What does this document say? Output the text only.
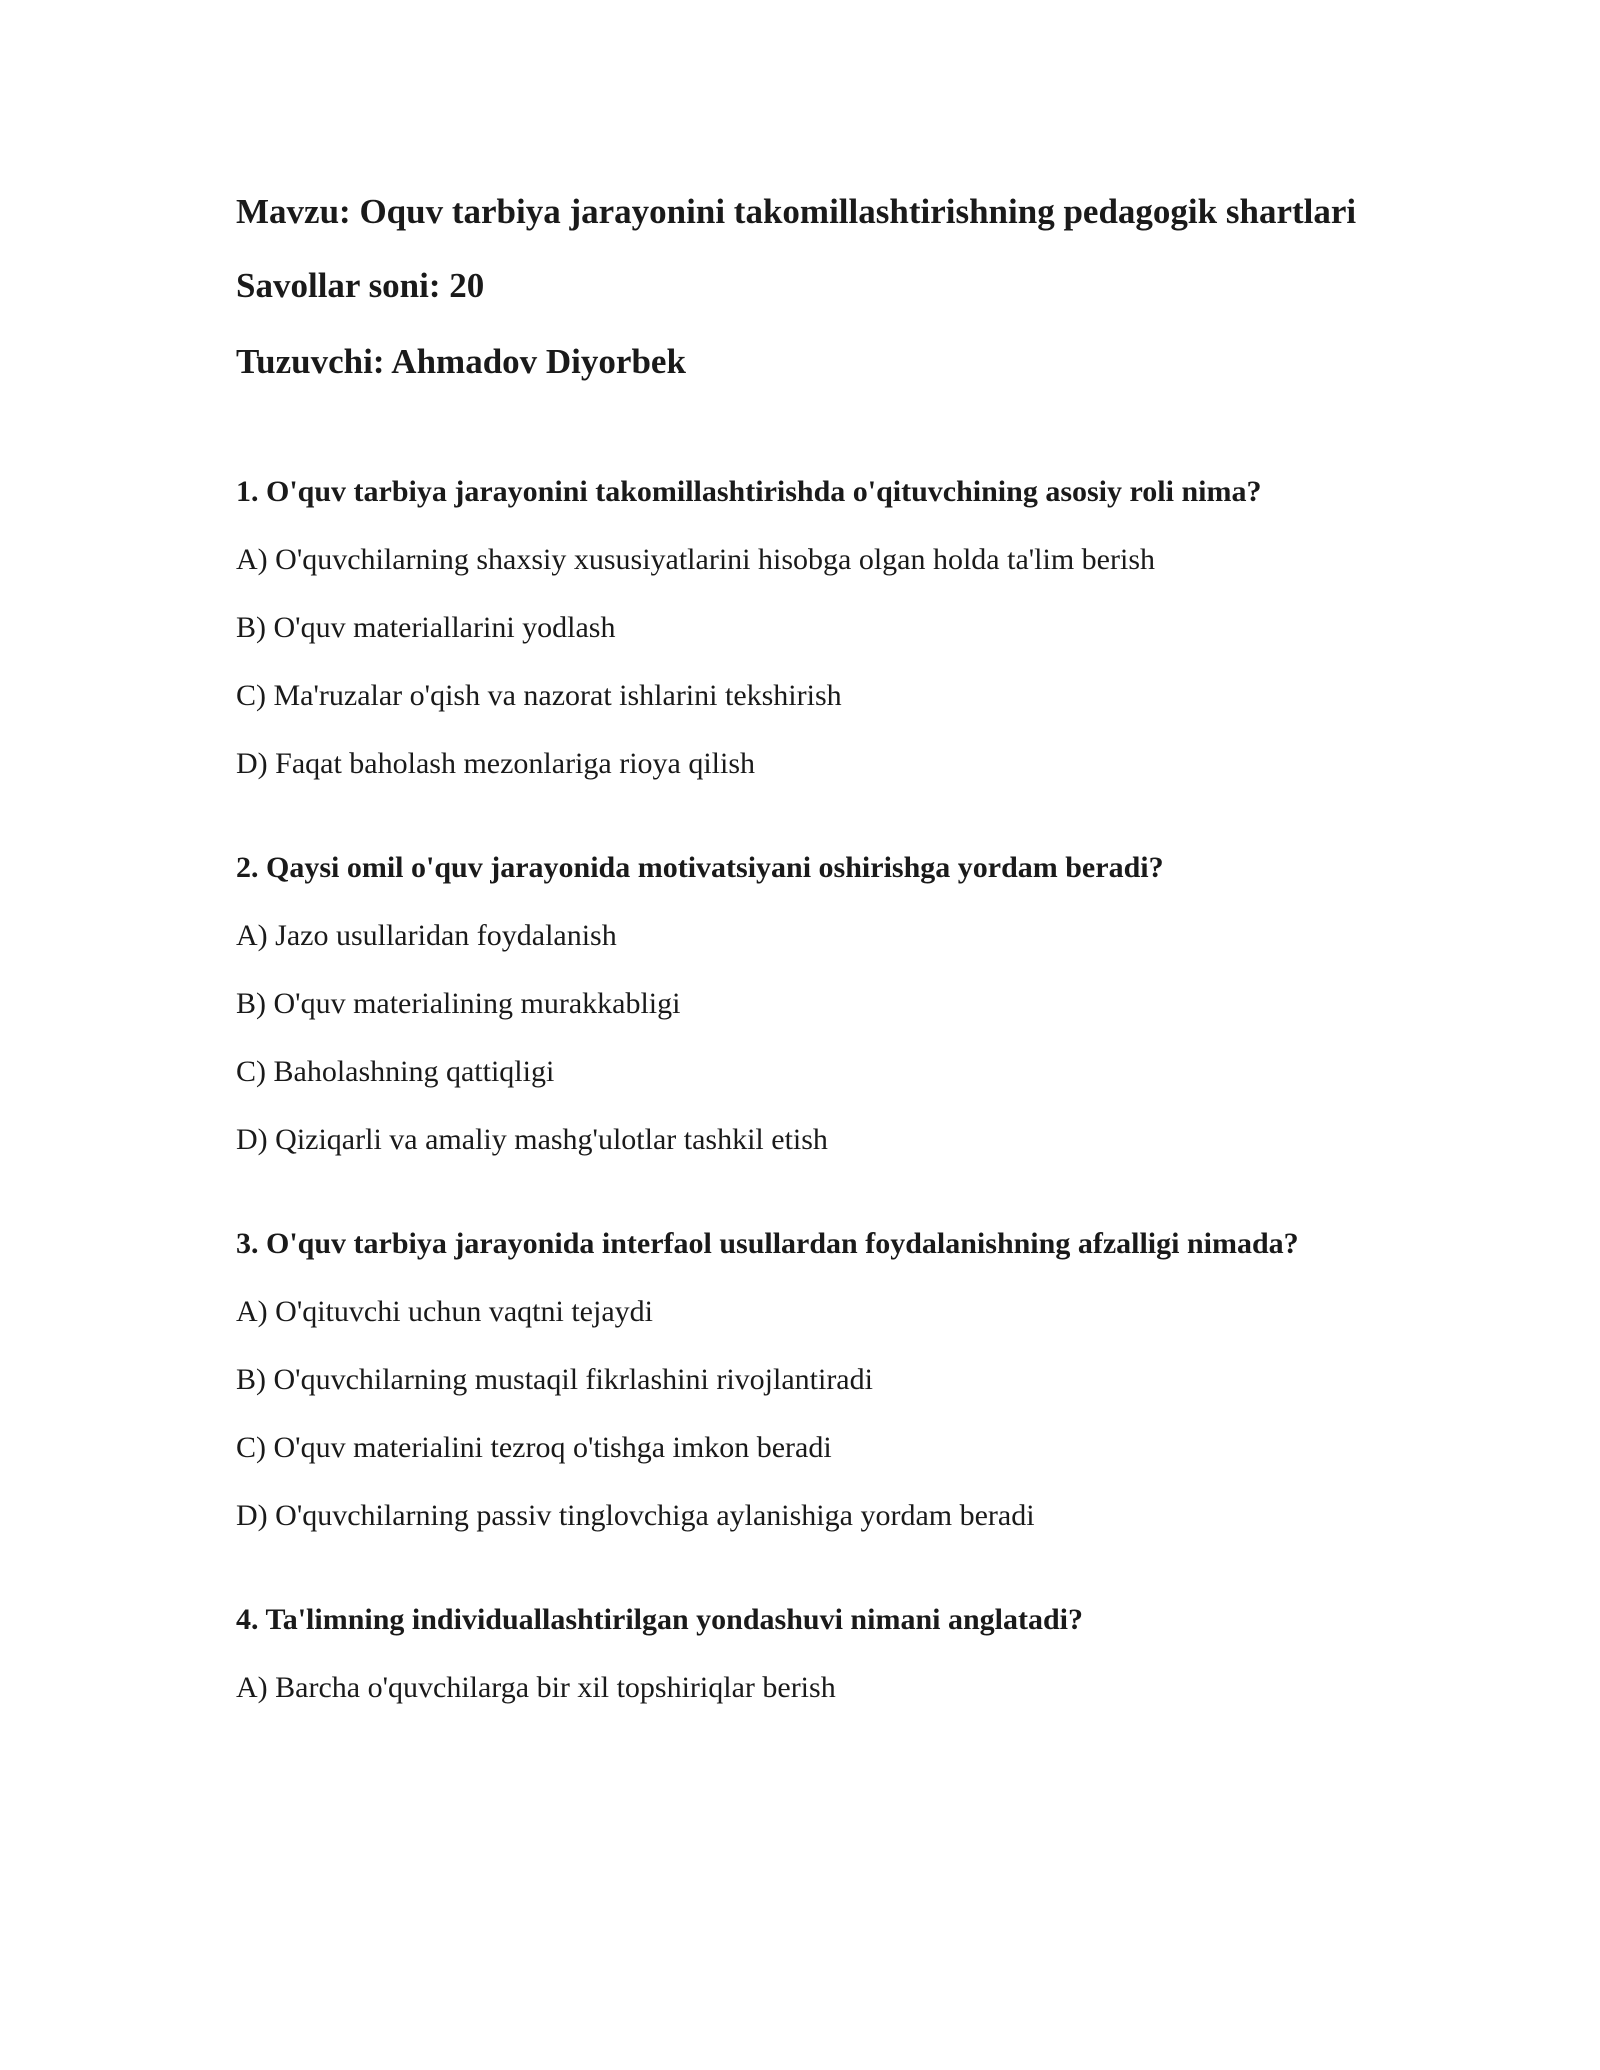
Mavzu: Oquv tarbiya jarayonini takomillashtirishning pedagogik shartlari

Savollar soni: 20

Tuzuvchi: Ahmadov Diyorbek

1. O'quv tarbiya jarayonini takomillashtirishda o'qituvchining asosiy roli nima?

A) O'quvchilarning shaxsiy xususiyatlarini hisobga olgan holda ta'lim berish

B) O'quv materiallarini yodlash

C) Ma'ruzalar o'qish va nazorat ishlarini tekshirish

D) Faqat baholash mezonlariga rioya qilish

2. Qaysi omil o'quv jarayonida motivatsiyani oshirishga yordam beradi?

A) Jazo usullaridan foydalanish

B) O'quv materialining murakkabligi

C) Baholashning qattiqligi

D) Qiziqarli va amaliy mashg'ulotlar tashkil etish

3. O'quv tarbiya jarayonida interfaol usullardan foydalanishning afzalligi nimada?

A) O'qituvchi uchun vaqtni tejaydi

B) O'quvchilarning mustaqil fikrlashini rivojlantiradi

C) O'quv materialini tezroq o'tishga imkon beradi

D) O'quvchilarning passiv tinglovchiga aylanishiga yordam beradi

4. Ta'limning individuallashtirilgan yondashuvi nimani anglatadi?

A) Barcha o'quvchilarga bir xil topshiriqlar berish
